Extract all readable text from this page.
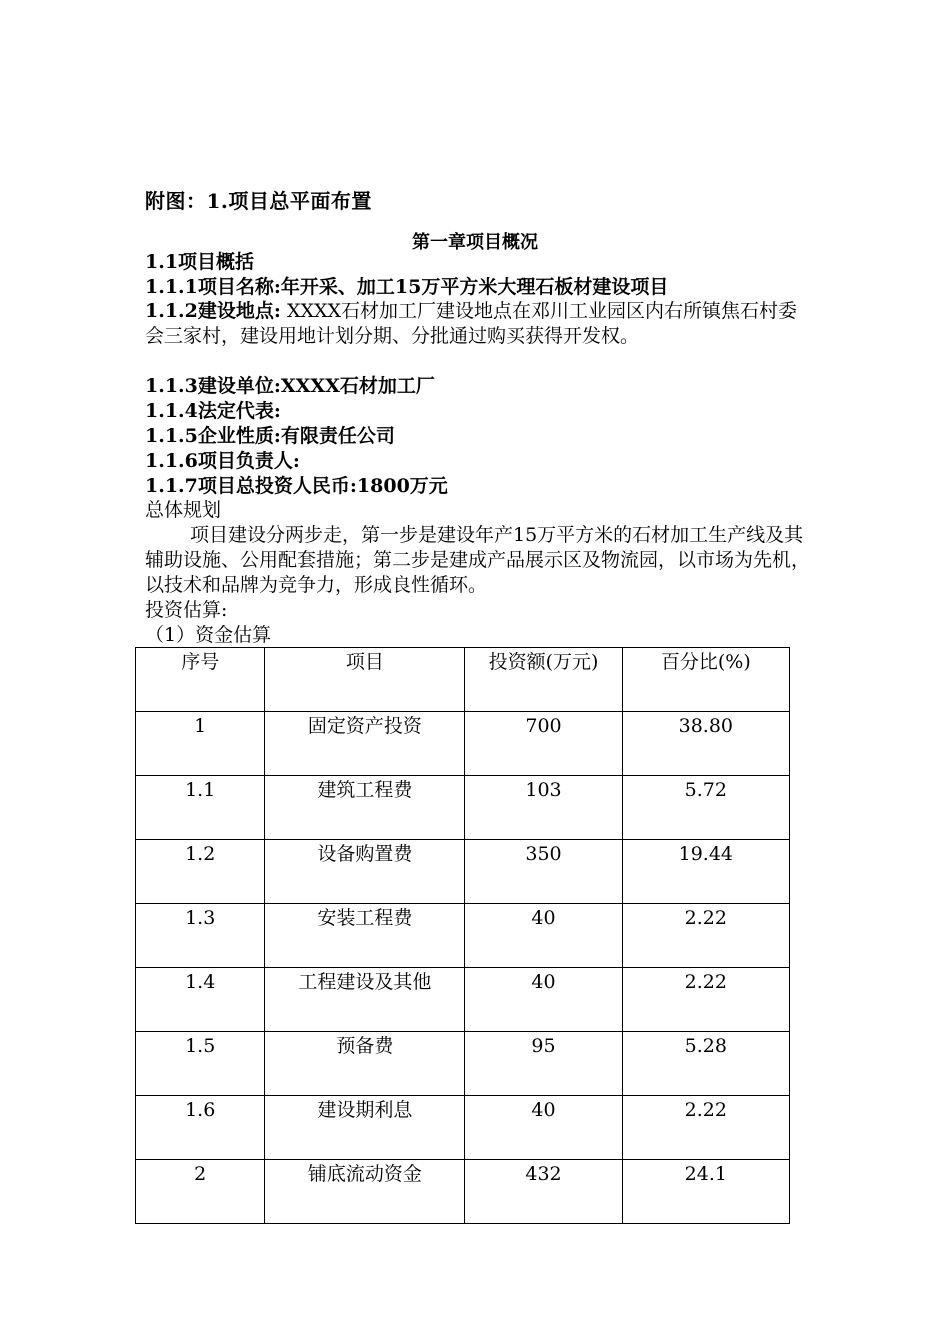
附图：1.项目总平面布置
第一章项目概况
1.1项目概括
1.1.1项目名称:年开采、加工15万平方米大理石板材建设项目
1.1.2建设地点: XXXX石材加工厂建设地点在邓川工业园区内右所镇焦石村委会三家村，建设用地计划分期、分批通过购买获得开发权。
1.1.3建设单位:XXXX石材加工厂
1.1.4法定代表:
1.1.5企业性质:有限责任公司
1.1.6项目负责人:
1.1.7项目总投资人民币:1800万元
总体规划
项目建设分两步走，第一步是建设年产15万平方米的石材加工生产线及其辅助设施、公用配套措施；第二步是建成产品展示区及物流园，以市场为先机，以技术和品牌为竞争力，形成良性循环。
投资估算:
（1）资金估算
序号	项目	投资额(万元)	百分比(%)
1	固定资产投资	700	38.80
1.1	建筑工程费	103	5.72
1.2	设备购置费	350	19.44
1.3	安装工程费	40	2.22
1.4	工程建设及其他	40	2.22
1.5	预备费	95	5.28
1.6	建设期利息	40	2.22
2	铺底流动资金	432	24.1
